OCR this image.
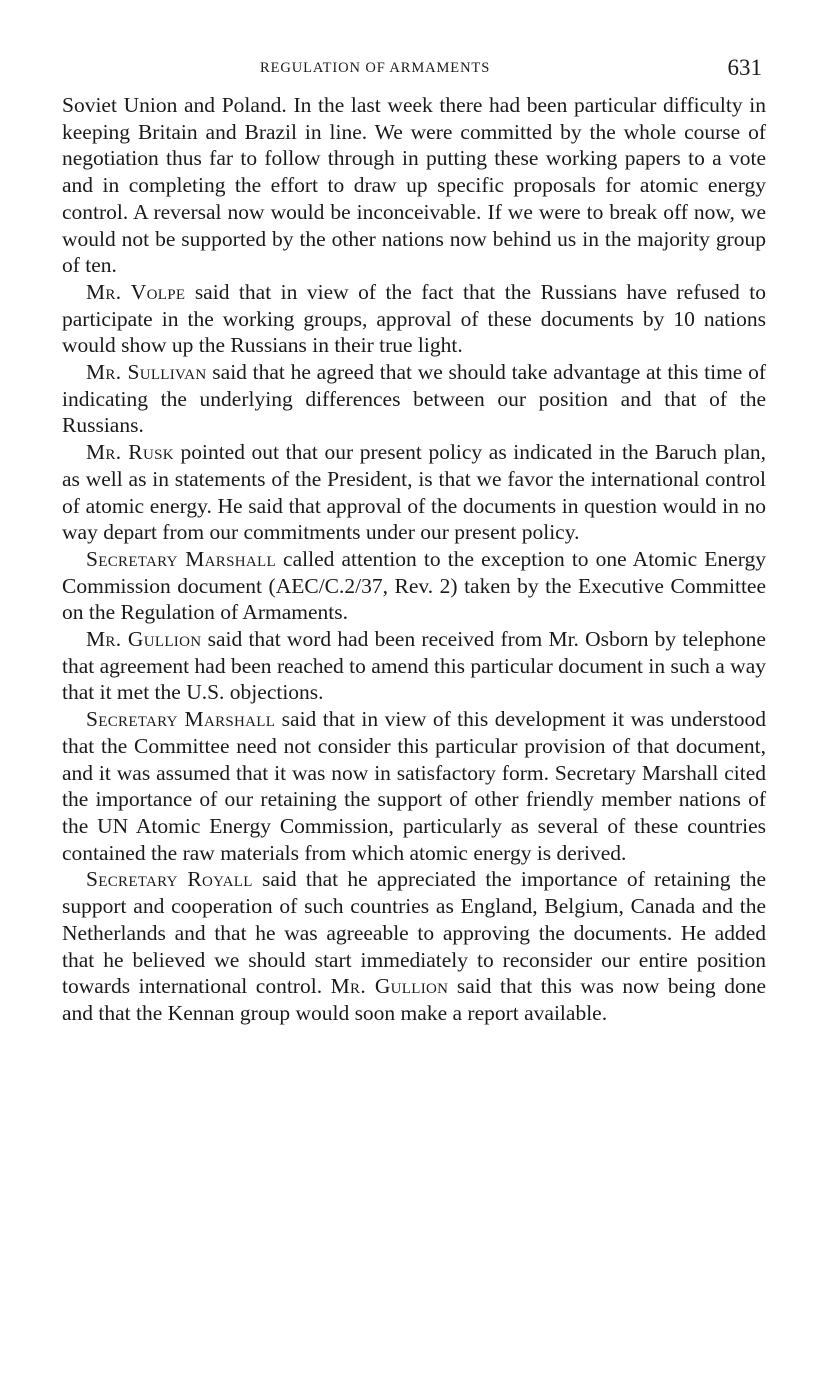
REGULATION OF ARMAMENTS	631

Soviet Union and Poland. In the last week there had been particular difficulty in keeping Britain and Brazil in line. We were committed by the whole course of negotiation thus far to follow through in putting these working papers to a vote and in completing the effort to draw up specific proposals for atomic energy control. A reversal now would be inconceivable. If we were to break off now, we would not be supported by the other nations now behind us in the majority group of ten.

Mr. Volpe said that in view of the fact that the Russians have refused to participate in the working groups, approval of these documents by 10 nations would show up the Russians in their true light.

Mr. Sullivan said that he agreed that we should take advantage at this time of indicating the underlying differences between our position and that of the Russians.

Mr. Rusk pointed out that our present policy as indicated in the Baruch plan, as well as in statements of the President, is that we favor the international control of atomic energy. He said that approval of the documents in question would in no way depart from our commitments under our present policy.

Secretary Marshall called attention to the exception to one Atomic Energy Commission document (AEC/C.2/37, Rev. 2) taken by the Executive Committee on the Regulation of Armaments.

Mr. Gullion said that word had been received from Mr. Osborn by telephone that agreement had been reached to amend this particular document in such a way that it met the U.S. objections.

Secretary Marshall said that in view of this development it was understood that the Committee need not consider this particular provision of that document, and it was assumed that it was now in satisfactory form. Secretary Marshall cited the importance of our retaining the support of other friendly member nations of the UN Atomic Energy Commission, particularly as several of these countries contained the raw materials from which atomic energy is derived.

Secretary Royall said that he appreciated the importance of retaining the support and cooperation of such countries as England, Belgium, Canada and the Netherlands and that he was agreeable to approving the documents. He added that he believed we should start immediately to reconsider our entire position towards international control. Mr. Gullion said that this was now being done and that the Kennan group would soon make a report available.
